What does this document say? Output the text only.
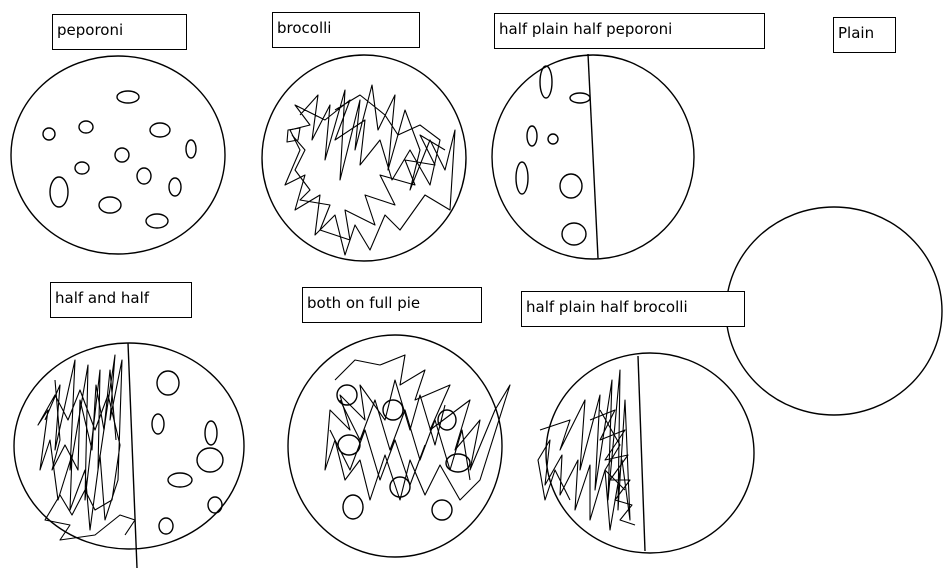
peporoni	brocolli	half plain half peporoni	Plain
half and half	both on full pie	half plain half brocolli
